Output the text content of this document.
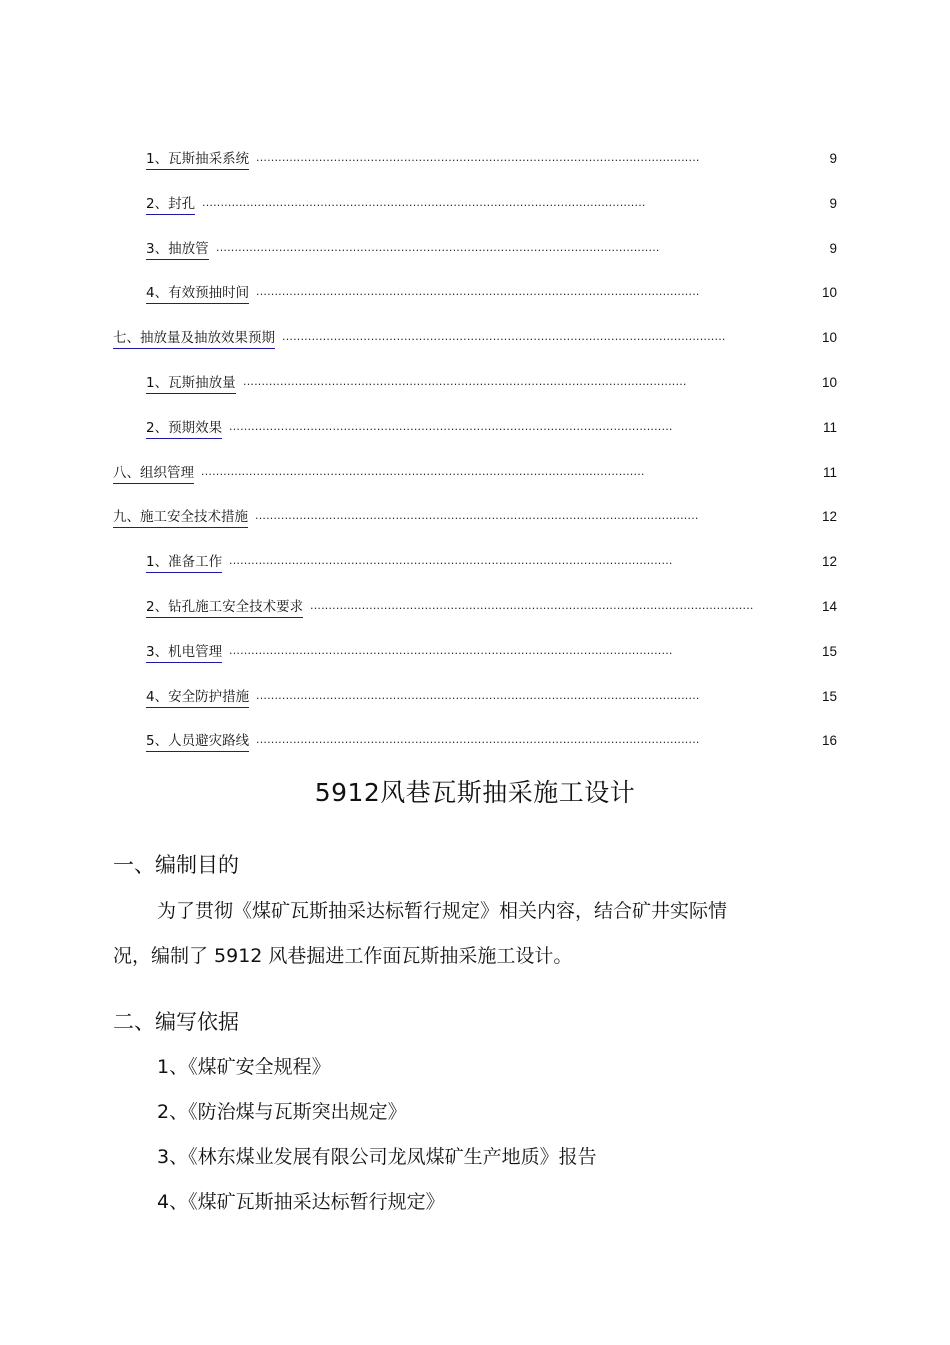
1、瓦斯抽采系统 ........................................................................................................................	9
2、封孔 ........................................................................................................................	9
3、抽放管 ........................................................................................................................	9
4、有效预抽时间 ........................................................................................................................	10
七、抽放量及抽放效果预期 ........................................................................................................................	10
1、瓦斯抽放量 ........................................................................................................................	10
2、预期效果 ........................................................................................................................	11
八、组织管理 ........................................................................................................................	11
九、施工安全技术措施 ........................................................................................................................	12
1、准备工作 ........................................................................................................................	12
2、钻孔施工安全技术要求 ........................................................................................................................	14
3、机电管理 ........................................................................................................................	15
4、安全防护措施 ........................................................................................................................	15
5、人员避灾路线 ........................................................................................................................	16
5912风巷瓦斯抽采施工设计
一、编制目的
为了贯彻《煤矿瓦斯抽采达标暂行规定》相关内容，结合矿井实际情
况，编制了 5912 风巷掘进工作面瓦斯抽采施工设计。
二、编写依据
1、《煤矿安全规程》
2、《防治煤与瓦斯突出规定》
3、《林东煤业发展有限公司龙凤煤矿生产地质》报告
4、《煤矿瓦斯抽采达标暂行规定》
